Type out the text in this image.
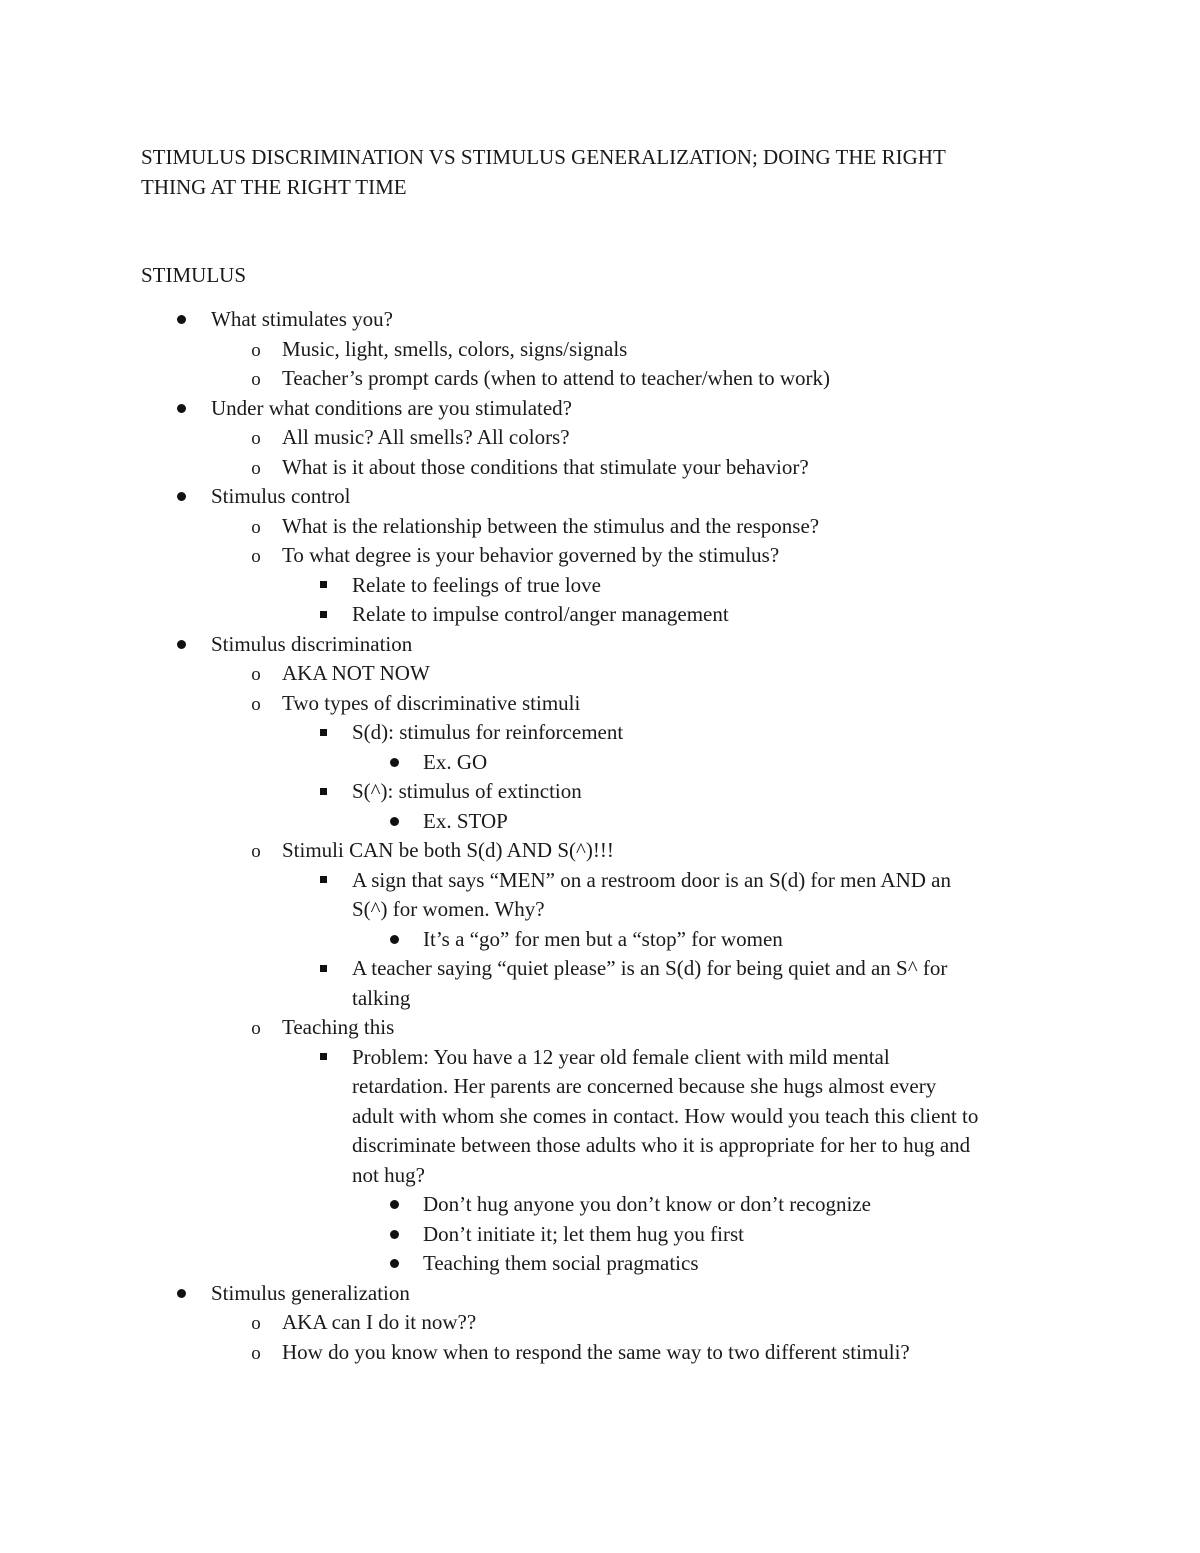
STIMULUS DISCRIMINATION VS STIMULUS GENERALIZATION; DOING THE RIGHT
THING AT THE RIGHT TIME
STIMULUS
What stimulates you?
o Music, light, smells, colors, signs/signals
o Teacher’s prompt cards (when to attend to teacher/when to work)
Under what conditions are you stimulated?
o All music? All smells? All colors?
o What is it about those conditions that stimulate your behavior?
Stimulus control
o What is the relationship between the stimulus and the response?
o To what degree is your behavior governed by the stimulus?
Relate to feelings of true love
Relate to impulse control/anger management
Stimulus discrimination
o AKA NOT NOW
o Two types of discriminative stimuli
S(d): stimulus for reinforcement
Ex. GO
S(^): stimulus of extinction
Ex. STOP
o Stimuli CAN be both S(d) AND S(^)!!!
A sign that says “MEN” on a restroom door is an S(d) for men AND an
S(^) for women. Why?
It’s a “go” for men but a “stop” for women
A teacher saying “quiet please” is an S(d) for being quiet and an S^ for
talking
o Teaching this
Problem: You have a 12 year old female client with mild mental
retardation. Her parents are concerned because she hugs almost every
adult with whom she comes in contact. How would you teach this client to
discriminate between those adults who it is appropriate for her to hug and
not hug?
Don’t hug anyone you don’t know or don’t recognize
Don’t initiate it; let them hug you first
Teaching them social pragmatics
Stimulus generalization
o AKA can I do it now??
o How do you know when to respond the same way to two different stimuli?
